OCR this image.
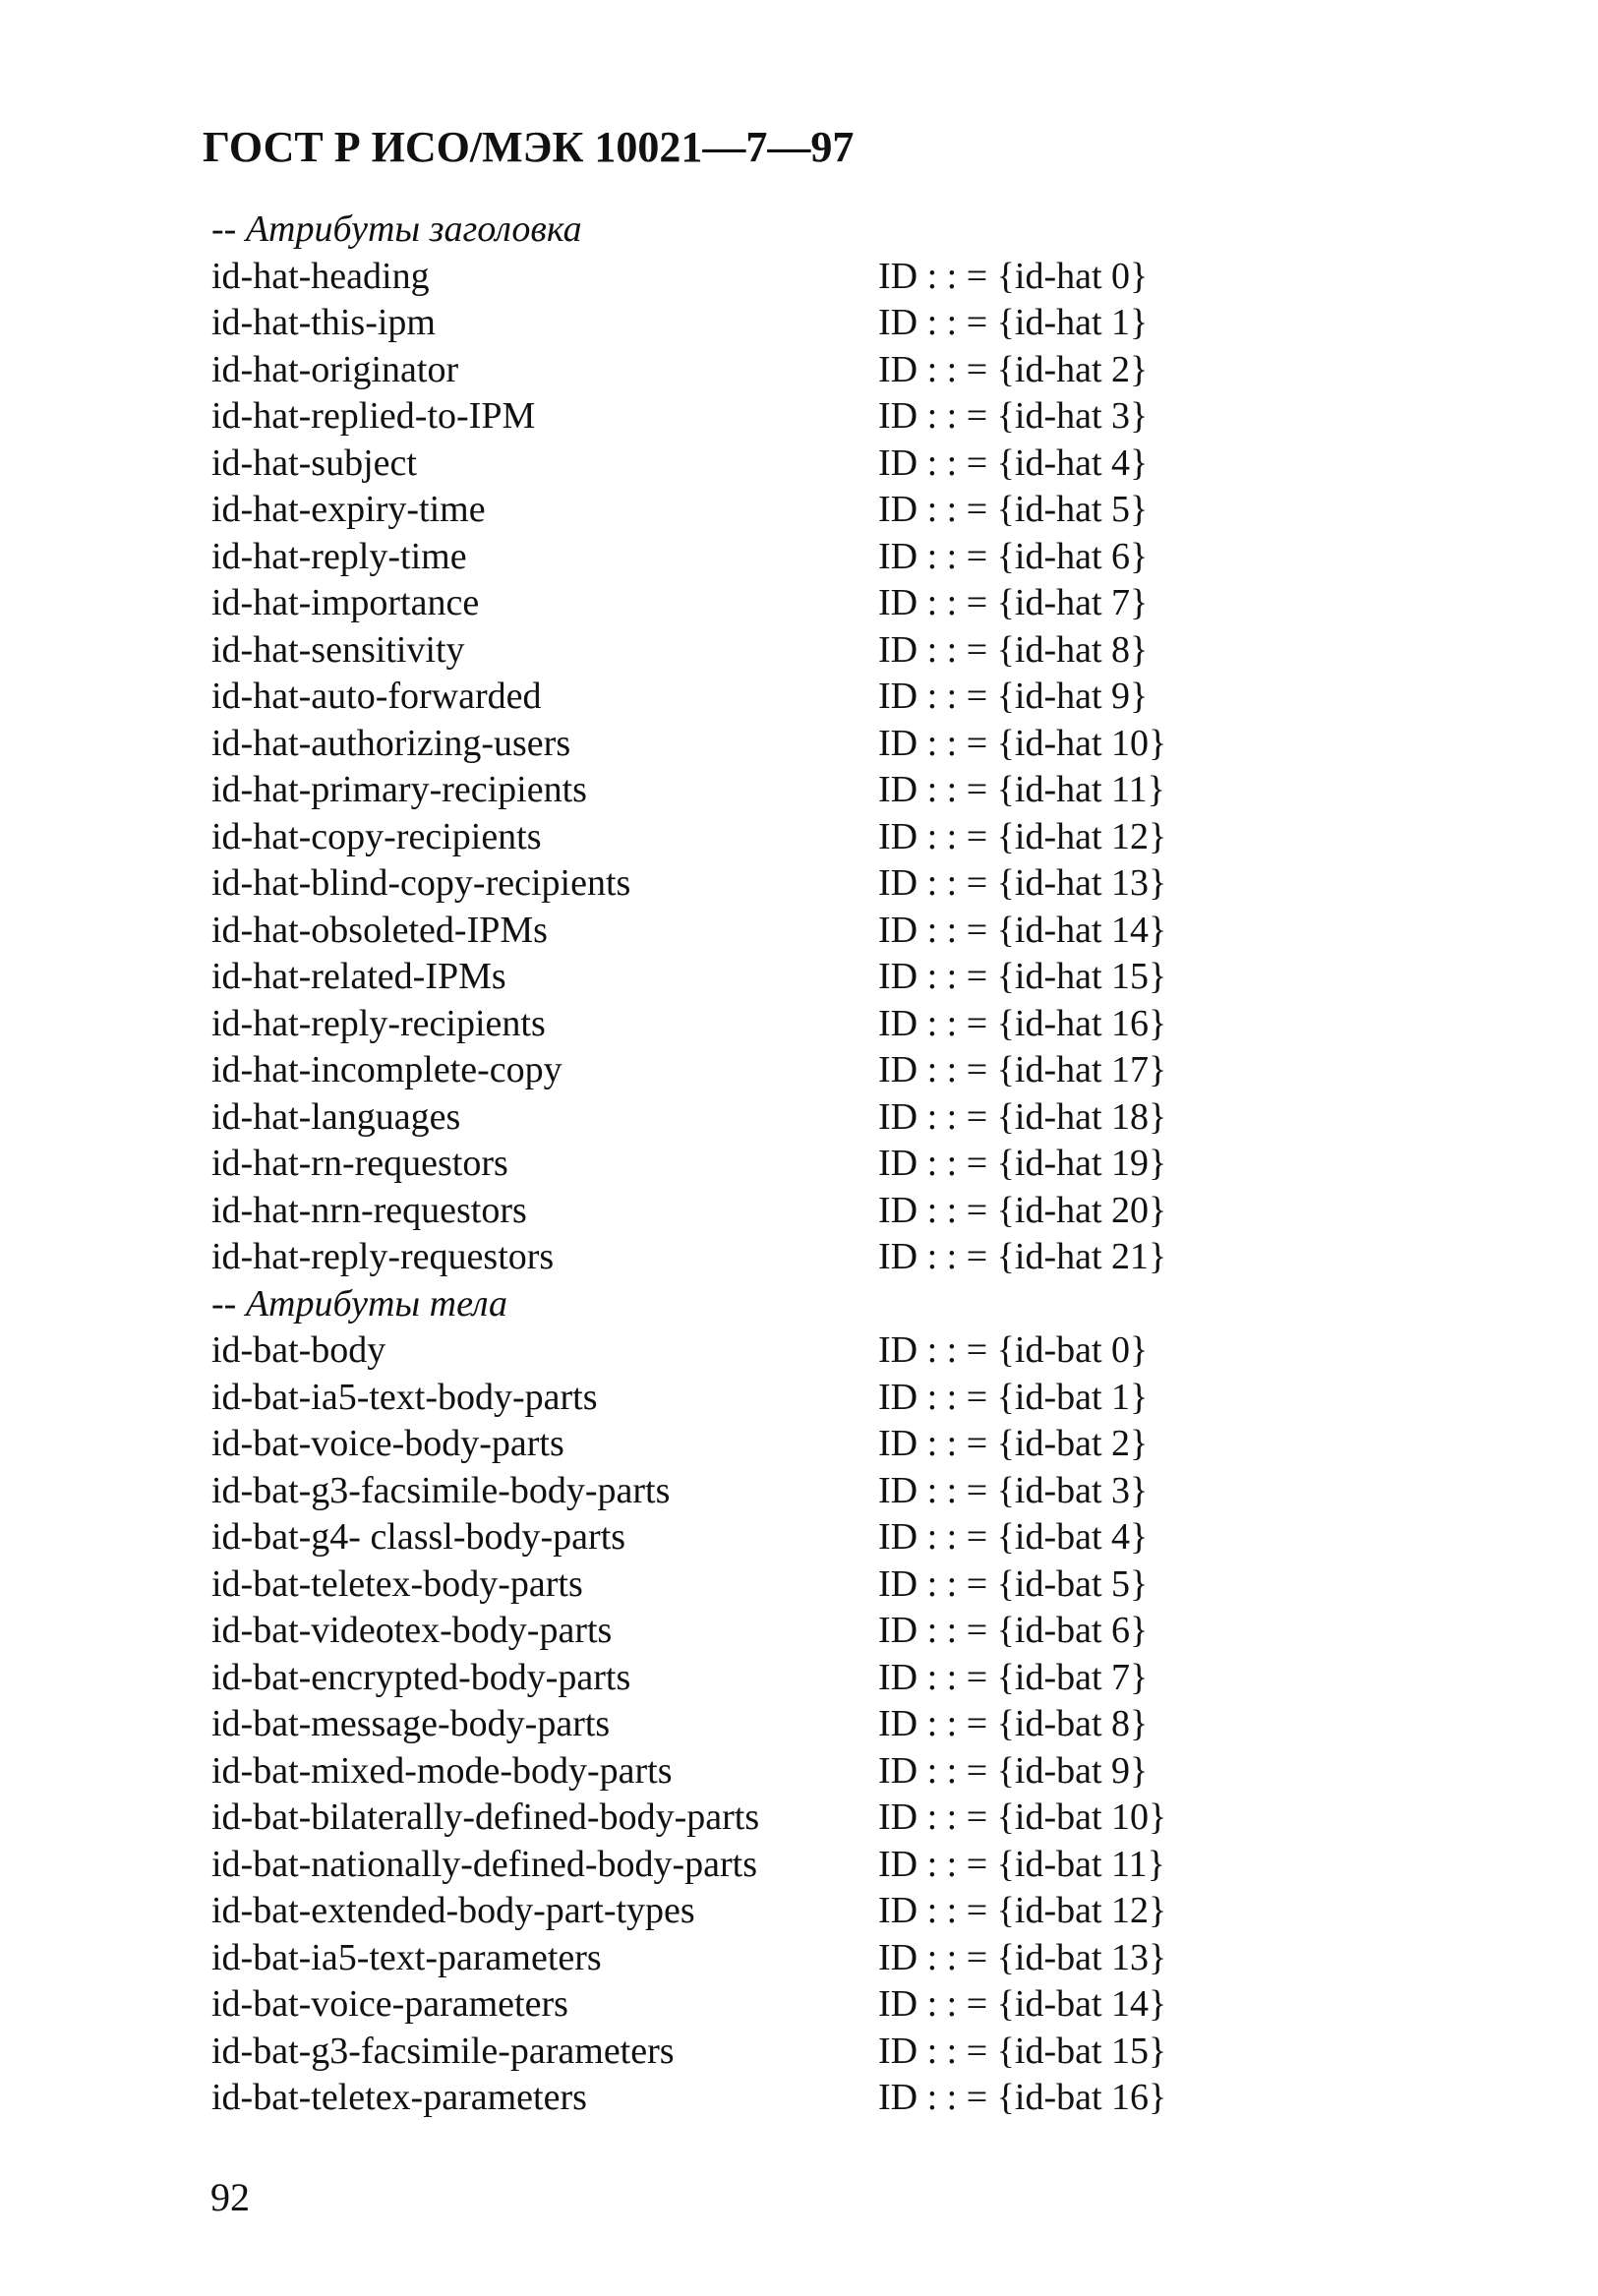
ГОСТ Р ИСО/МЭК 10021—7—97
-- Атрибуты заголовка
id-hat-heading	ID : : = {id-hat 0}
id-hat-this-ipm	ID : : = {id-hat 1}
id-hat-originator	ID : : = {id-hat 2}
id-hat-replied-to-IPM	ID : : = {id-hat 3}
id-hat-subject	ID : : = {id-hat 4}
id-hat-expiry-time	ID : : = {id-hat 5}
id-hat-reply-time	ID : : = {id-hat 6}
id-hat-importance	ID : : = {id-hat 7}
id-hat-sensitivity	ID : : = {id-hat 8}
id-hat-auto-forwarded	ID : : = {id-hat 9}
id-hat-authorizing-users	ID : : = {id-hat 10}
id-hat-primary-recipients	ID : : = {id-hat 11}
id-hat-copy-recipients	ID : : = {id-hat 12}
id-hat-blind-copy-recipients	ID : : = {id-hat 13}
id-hat-obsoleted-IPMs	ID : : = {id-hat 14}
id-hat-related-IPMs	ID : : = {id-hat 15}
id-hat-reply-recipients	ID : : = {id-hat 16}
id-hat-incomplete-copy	ID : : = {id-hat 17}
id-hat-languages	ID : : = {id-hat 18}
id-hat-rn-requestors	ID : : = {id-hat 19}
id-hat-nrn-requestors	ID : : = {id-hat 20}
id-hat-reply-requestors	ID : : = {id-hat 21}
-- Атрибуты тела
id-bat-body	ID : : = {id-bat 0}
id-bat-ia5-text-body-parts	ID : : = {id-bat 1}
id-bat-voice-body-parts	ID : : = {id-bat 2}
id-bat-g3-facsimile-body-parts	ID : : = {id-bat 3}
id-bat-g4- classl-body-parts	ID : : = {id-bat 4}
id-bat-teletex-body-parts	ID : : = {id-bat 5}
id-bat-videotex-body-parts	ID : : = {id-bat 6}
id-bat-encrypted-body-parts	ID : : = {id-bat 7}
id-bat-message-body-parts	ID : : = {id-bat 8}
id-bat-mixed-mode-body-parts	ID : : = {id-bat 9}
id-bat-bilaterally-defined-body-parts	ID : : = {id-bat 10}
id-bat-nationally-defined-body-parts	ID : : = {id-bat 11}
id-bat-extended-body-part-types	ID : : = {id-bat 12}
id-bat-ia5-text-parameters	ID : : = {id-bat 13}
id-bat-voice-parameters	ID : : = {id-bat 14}
id-bat-g3-facsimile-parameters	ID : : = {id-bat 15}
id-bat-teletex-parameters	ID : : = {id-bat 16}
92
